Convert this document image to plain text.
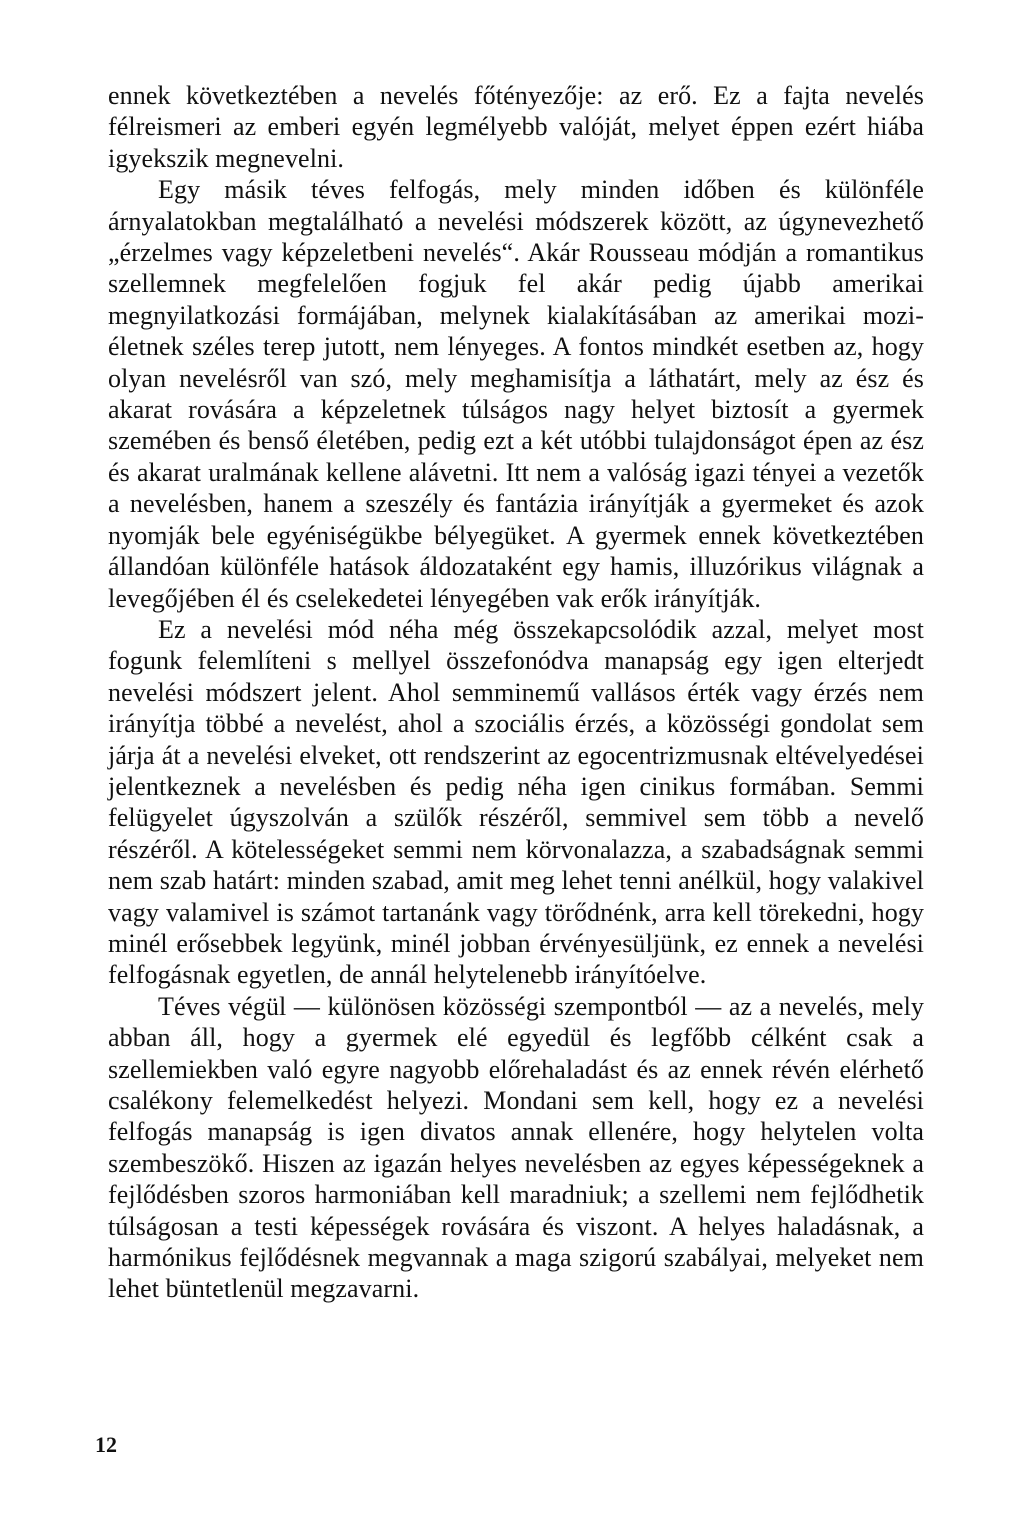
ennek következtében a nevelés főtényezője: az erő. Ez a fajta nevelés félreismeri az emberi egyén legmélyebb valóját, melyet éppen ezért hiába igyekszik megnevelni.

Egy másik téves felfogás, mely minden időben és különféle árnyalatokban megtalálható a nevelési módszerek között, az úgynevezhető „érzelmes vagy képzeletbeni nevelés“. Akár Rousseau módján a romantikus szellemnek megfelelően fogjuk fel akár pedig újabb amerikai megnyilatkozási formájában, melynek kialakításában az amerikai mozi-életnek széles terep jutott, nem lényeges. A fontos mindkét esetben az, hogy olyan nevelésről van szó, mely meghamisítja a láthatárt, mely az ész és akarat rovására a képzeletnek túlságos nagy helyet biztosít a gyermek szemében és benső életében, pedig ezt a két utóbbi tulajdonságot épen az ész és akarat uralmának kellene alávetni. Itt nem a valóság igazi tényei a vezetők a nevelésben, hanem a szeszély és fantázia irányítják a gyermeket és azok nyomják bele egyéniségükbe bélyegüket. A gyermek ennek következtében állandóan különféle hatások áldozataként egy hamis, illuzórikus világnak a levegőjében él és cselekedetei lényegében vak erők irányítják.

Ez a nevelési mód néha még összekapcsolódik azzal, melyet most fogunk felemlíteni s mellyel összefonódva manapság egy igen elterjedt nevelési módszert jelent. Ahol semminemű vallásos érték vagy érzés nem irányítja többé a nevelést, ahol a szociális érzés, a közösségi gondolat sem járja át a nevelési elveket, ott rendszerint az egocentrizmusnak eltévelyedései jelentkeznek a nevelésben és pedig néha igen cinikus formában. Semmi felügyelet úgyszolván a szülők részéről, semmivel sem több a nevelő részéről. A kötelességeket semmi nem körvonalazza, a szabadságnak semmi nem szab határt: minden szabad, amit meg lehet tenni anélkül, hogy valakivel vagy valamivel is számot tartanánk vagy törődnénk, arra kell törekedni, hogy minél erősebbek legyünk, minél jobban érvényesüljünk, ez ennek a nevelési felfogásnak egyetlen, de annál helytelenebb irányítóelve.

Téves végül — különösen közösségi szempontból — az a nevelés, mely abban áll, hogy a gyermek elé egyedül és legfőbb célként csak a szellemiekben való egyre nagyobb előrehaladást és az ennek révén elérhető csalékony felemelkedést helyezi. Mondani sem kell, hogy ez a nevelési felfogás manapság is igen divatos annak ellenére, hogy helytelen volta szembeszökő. Hiszen az igazán helyes nevelésben az egyes képességeknek a fejlődésben szoros harmoniában kell maradniuk; a szellemi nem fejlődhetik túlságosan a testi képességek rovására és viszont. A helyes haladásnak, a harmónikus fejlődésnek megvannak a maga szigorú szabályai, melyeket nem lehet büntetlenül megzavarni.

12
